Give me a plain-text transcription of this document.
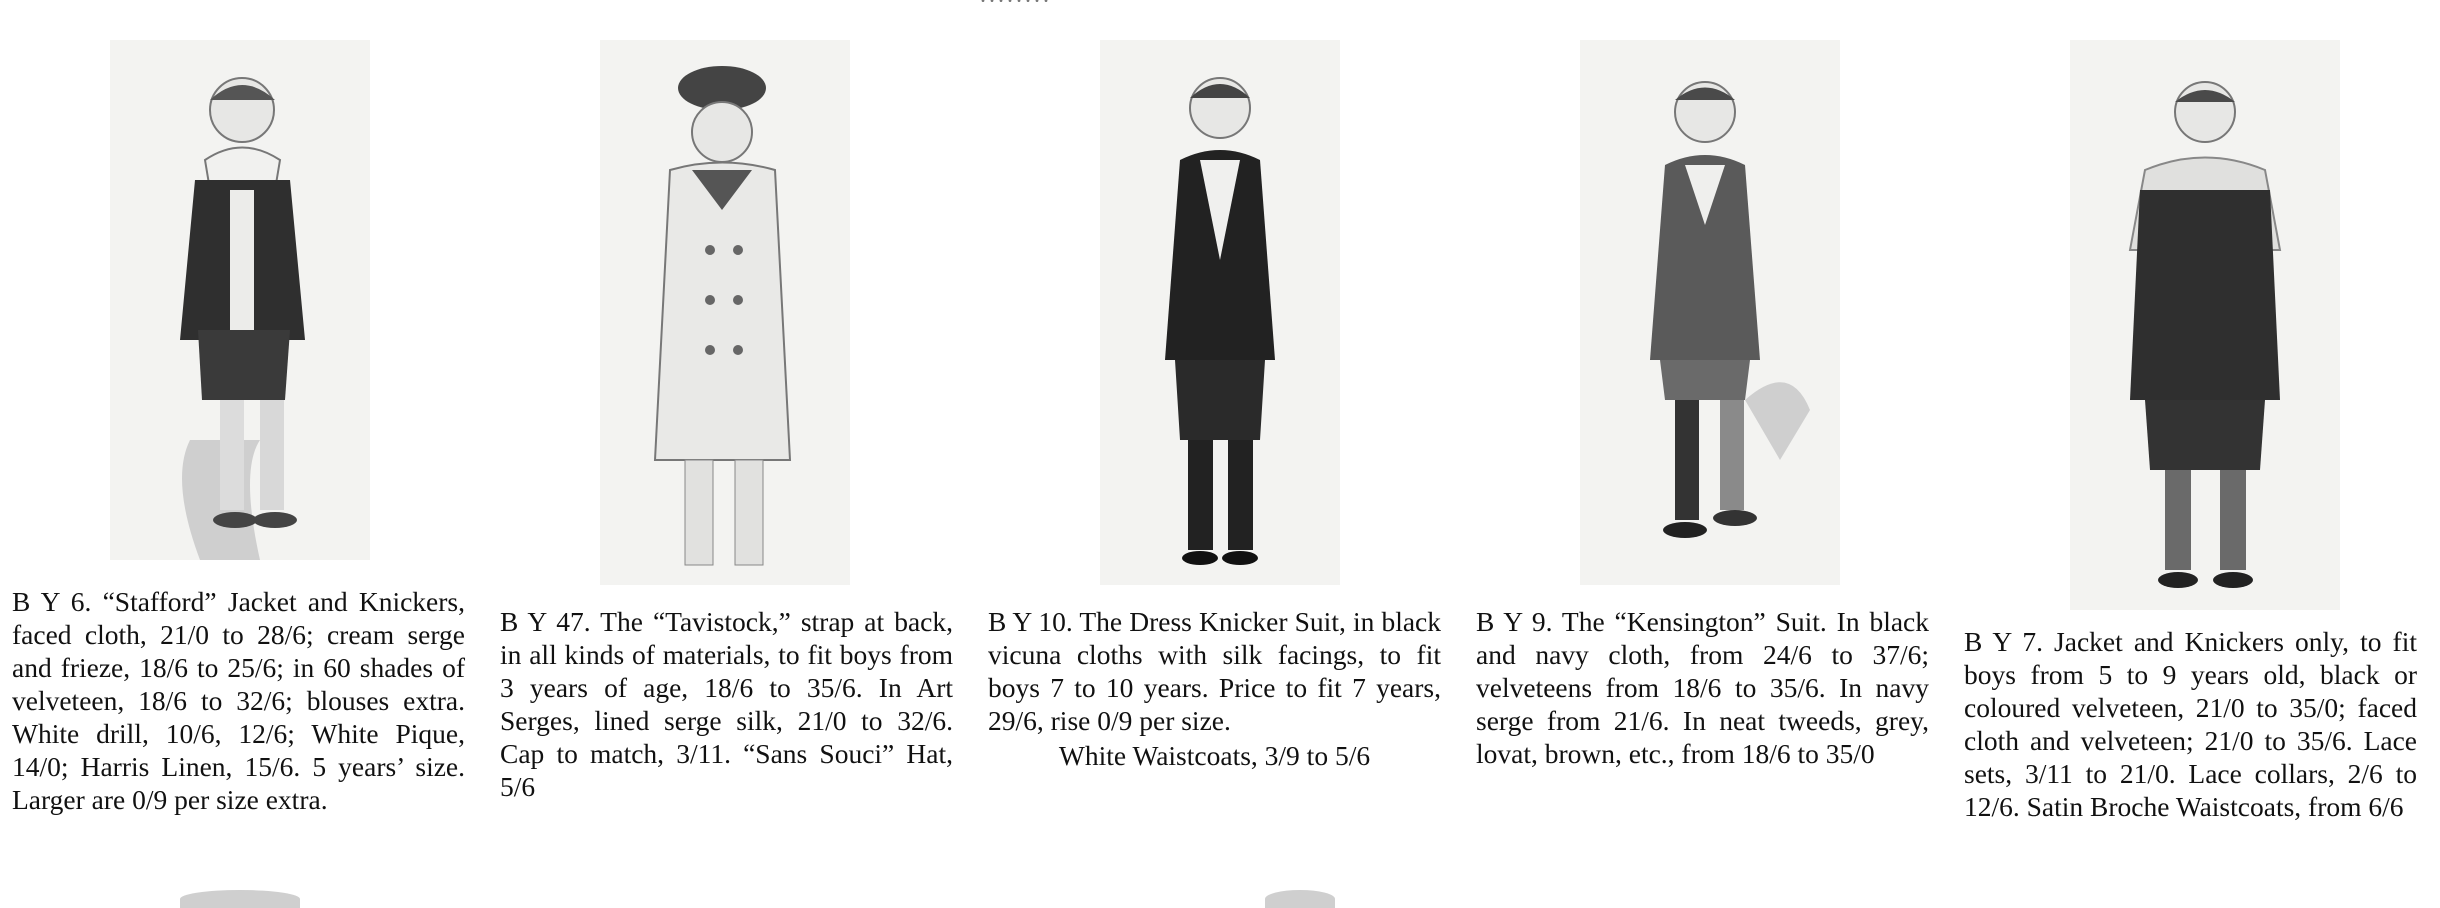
B Y 6. “Stafford” Jacket and Knickers, faced cloth, 21/0 to 28/6; cream serge and frieze, 18/6 to 25/6; in 60 shades of velveteen, 18/6 to 32/6; blouses extra. White drill, 10/6, 12/6; White Pique, 14/0; Harris Linen, 15/6. 5 years’ size. Larger are 0/9 per size extra.

B Y 47. The “Tavistock,” strap at back, in all kinds of materials, to fit boys from 3 years of age, 18/6 to 35/6. In Art Serges, lined serge silk, 21/0 to 32/6. Cap to match, 3/11. “Sans Souci” Hat, 5/6

B Y 10. The Dress Knicker Suit, in black vicuna cloths with silk facings, to fit boys 7 to 10 years. Price to fit 7 years, 29/6, rise 0/9 per size.

White Waistcoats, 3/9 to 5/6

B Y 9. The “Kensington” Suit. In black and navy cloth, from 24/6 to 37/6; velveteens from 18/6 to 35/6. In navy serge from 21/6. In neat tweeds, grey, lovat, brown, etc., from 18/6 to 35/0

B Y 7. Jacket and Knickers only, to fit boys from 5 to 9 years old, black or coloured velveteen, 21/0 to 35/0; faced cloth and velveteen; 21/0 to 35/6. Lace sets, 3/11 to 21/0. Lace collars, 2/6 to 12/6. Satin Broche Waistcoats, from 6/6
